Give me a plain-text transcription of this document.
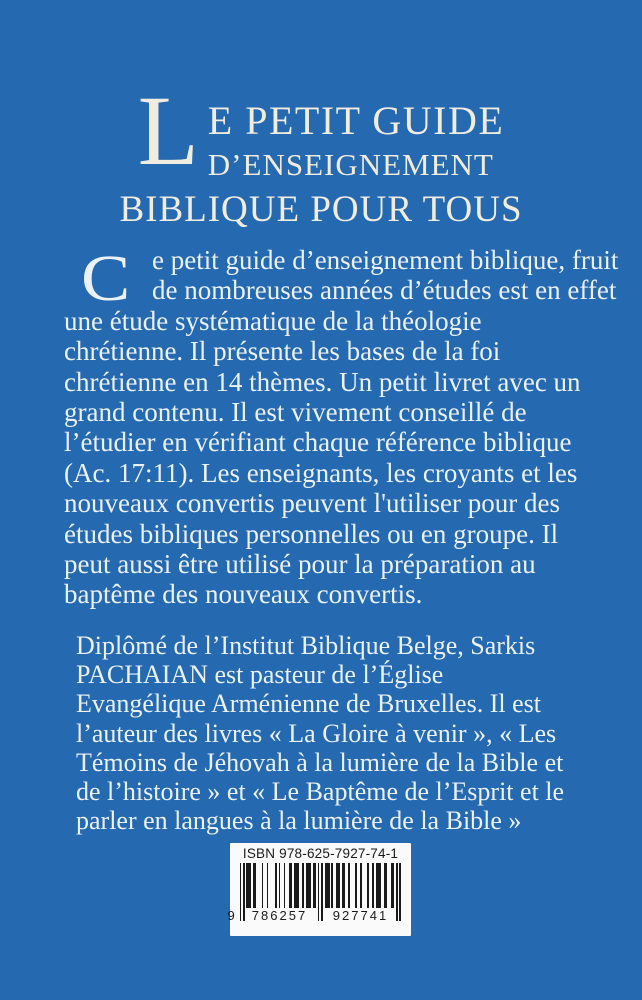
L E PETIT GUIDE
D’ENSEIGNEMENT
BIBLIQUE POUR TOUS
C e petit guide d’enseignement biblique, fruit
de nombreuses années d’études est en effet
une étude systématique de la théologie
chrétienne. Il présente les bases de la foi
chrétienne en 14 thèmes. Un petit livret avec un
grand contenu. Il est vivement conseillé de
l’étudier en vérifiant chaque référence biblique
(Ac. 17:11). Les enseignants, les croyants et les
nouveaux convertis peuvent l'utiliser pour des
études bibliques personnelles ou en groupe. Il
peut aussi être utilisé pour la préparation au
baptême des nouveaux convertis.
Diplômé de l’Institut Biblique Belge, Sarkis
PACHAIAN est pasteur de l’Église
Evangélique Arménienne de Bruxelles. Il est
l’auteur des livres « La Gloire à venir », « Les
Témoins de Jéhovah à la lumière de la Bible et
de l’histoire » et « Le Baptême de l’Esprit et le
parler en langues à la lumière de la Bible »
ISBN 978-625-7927-74-1
9	786257	927741
